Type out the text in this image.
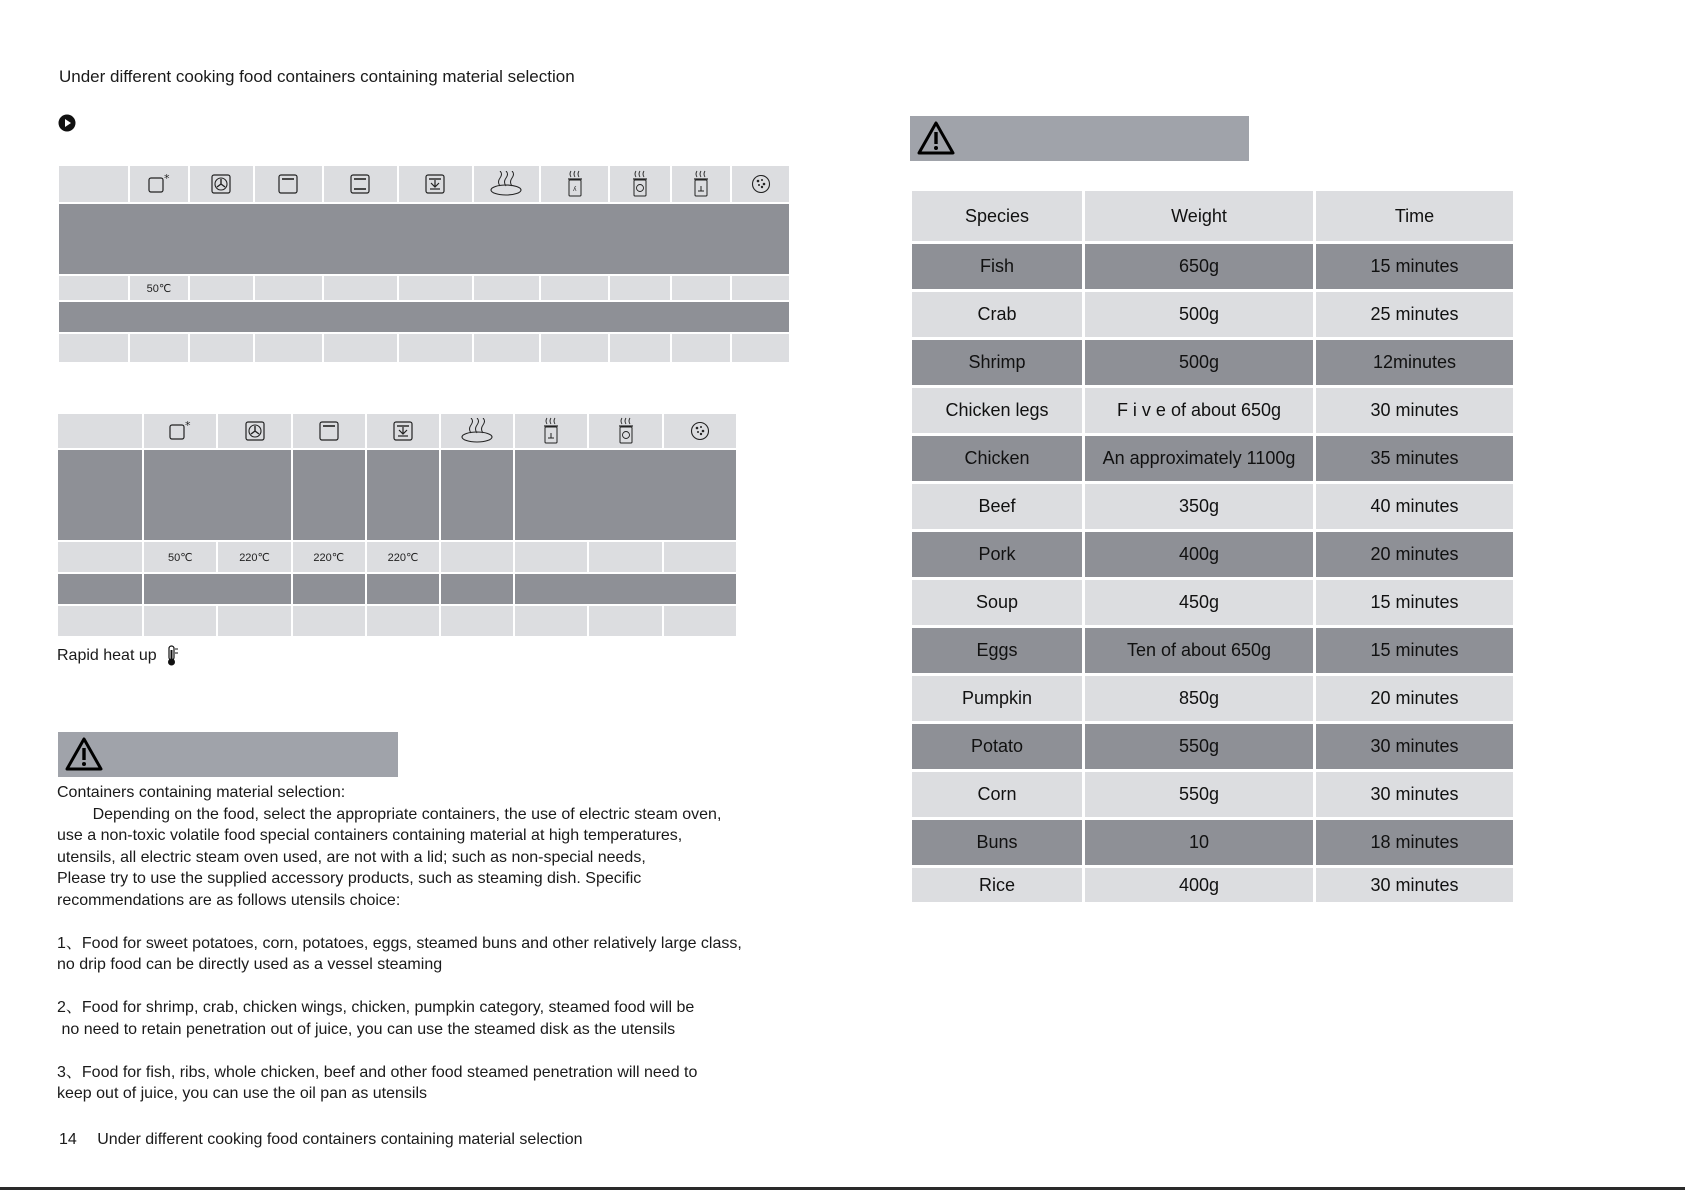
Under different cooking food containers containing material selection

*						ʎ

	50℃									

*

	50℃	220℃	220℃	220℃				

Rapid heat up

Containers containing material selection:

Depending on the food, select the appropriate containers, the use of electric steam oven,

use a non-toxic volatile food special containers containing material at high temperatures,

utensils, all electric steam oven used, are not with a lid; such as non-special needs,

Please try to use the supplied accessory products, such as steaming dish. Specific

recommendations are as follows utensils choice:

1、Food for sweet potatoes, corn, potatoes, eggs, steamed buns and other relatively large class,

no drip food can be directly used as a vessel steaming

2、Food for shrimp, crab, chicken wings, chicken, pumpkin category, steamed food will be

no need to retain penetration out of juice, you can use the steamed disk as the utensils

3、Food for fish, ribs, whole chicken, beef and other food steamed penetration will need to

keep out of juice, you can use the oil pan as utensils

14 Under different cooking food containers containing material selection
Species	Weight	Time
Fish	650g	15 minutes
Crab	500g	25 minutes
Shrimp	500g	12minutes
Chicken legs	F i v e of about 650g	30 minutes
Chicken	An approximately 1100g	35 minutes
Beef	350g	40 minutes
Pork	400g	20 minutes
Soup	450g	15 minutes
Eggs	Ten of about 650g	15 minutes
Pumpkin	850g	20 minutes
Potato	550g	30 minutes
Corn	550g	30 minutes
Buns	10	18 minutes
Rice	400g	30 minutes
